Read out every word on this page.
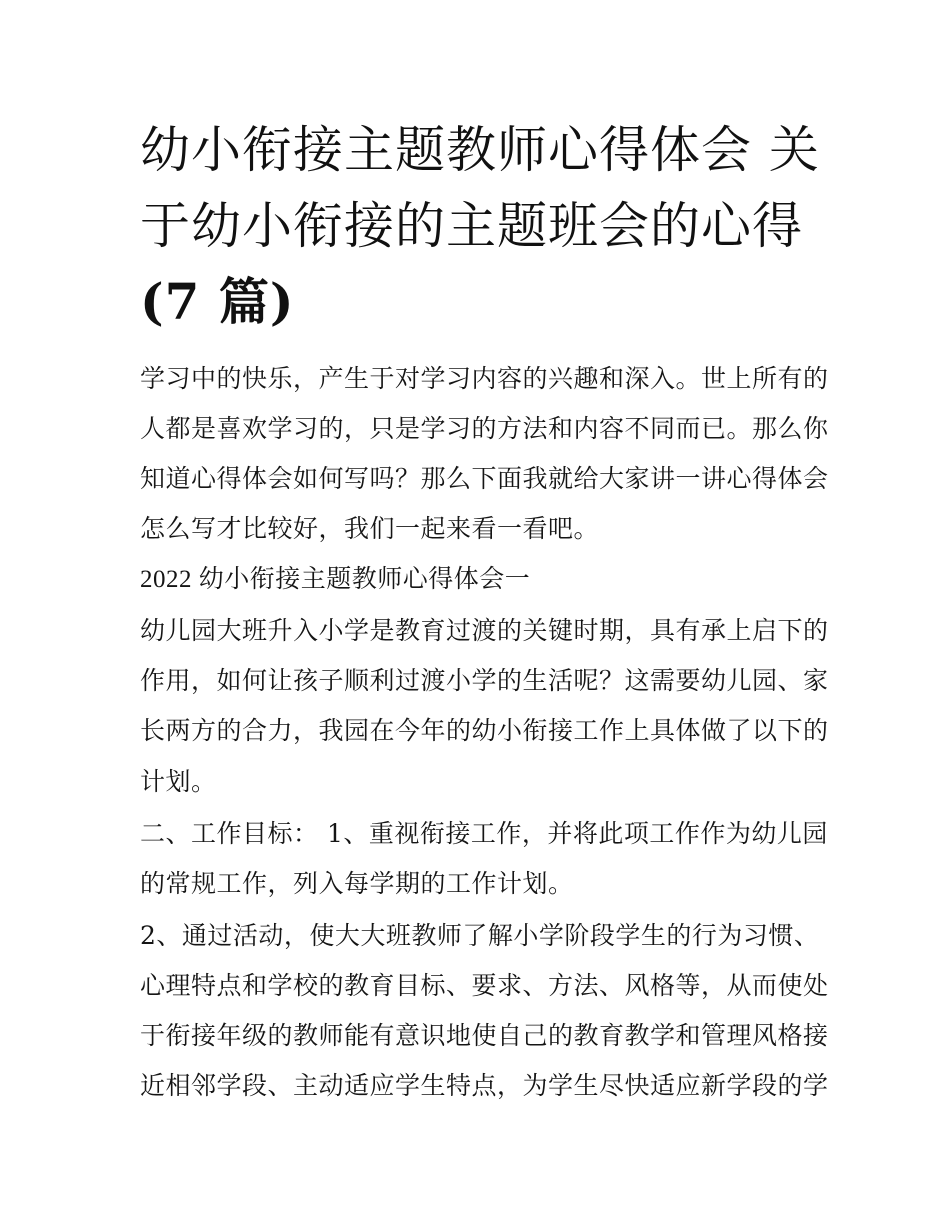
幼小衔接主题教师心得体会 关
于幼小衔接的主题班会的心得
(7 篇)
学习中的快乐，产生于对学习内容的兴趣和深入。世上所有的
人都是喜欢学习的，只是学习的方法和内容不同而已。那么你
知道心得体会如何写吗？那么下面我就给大家讲一讲心得体会
怎么写才比较好，我们一起来看一看吧。
2022 幼小衔接主题教师心得体会一
幼儿园大班升入小学是教育过渡的关键时期，具有承上启下的
作用，如何让孩子顺利过渡小学的生活呢？这需要幼儿园、家
长两方的合力，我园在今年的幼小衔接工作上具体做了以下的
计划。
二、工作目标： 1、重视衔接工作，并将此项工作作为幼儿园
的常规工作，列入每学期的工作计划。
2、通过活动，使大大班教师了解小学阶段学生的行为习惯、
心理特点和学校的教育目标、要求、方法、风格等，从而使处
于衔接年级的教师能有意识地使自己的教育教学和管理风格接
近相邻学段、主动适应学生特点，为学生尽快适应新学段的学
